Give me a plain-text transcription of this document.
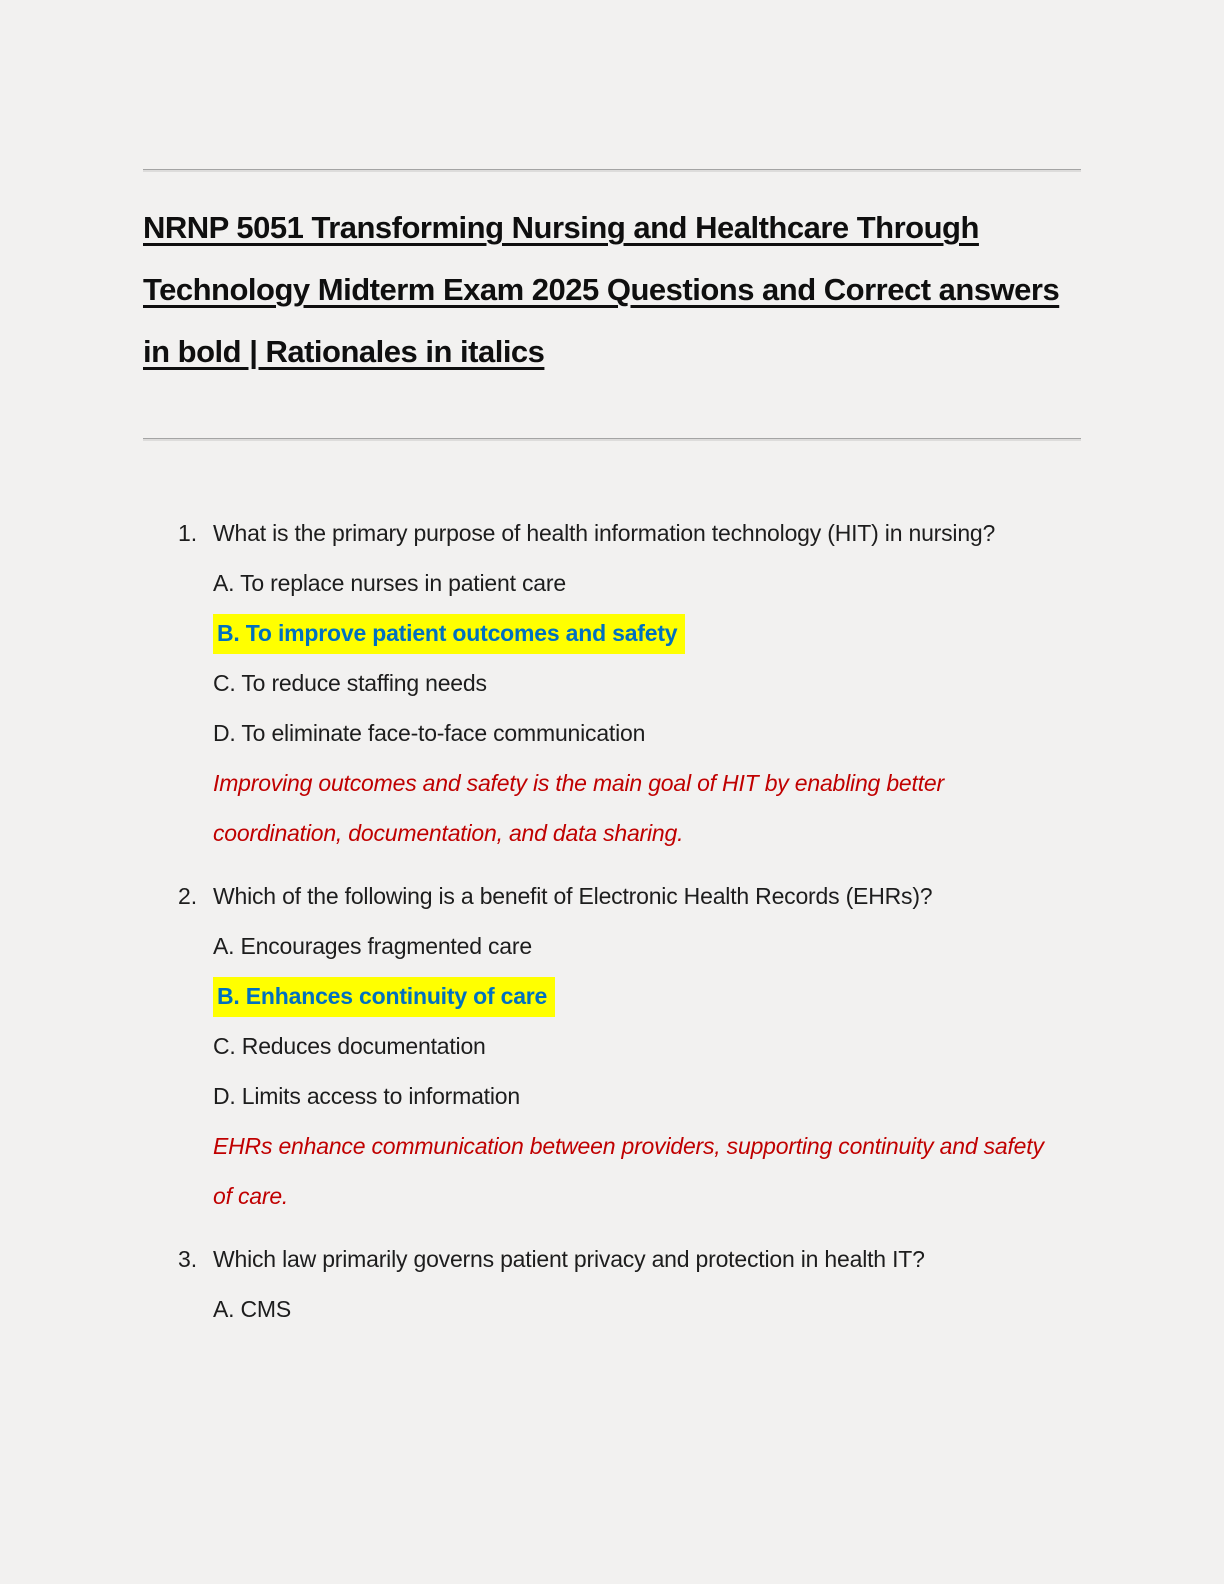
NRNP 5051 Transforming Nursing and Healthcare Through Technology Midterm Exam 2025 Questions and Correct answers in bold | Rationales in italics
1. What is the primary purpose of health information technology (HIT) in nursing?

A. To replace nurses in patient care

B. To improve patient outcomes and safety

C. To reduce staffing needs

D. To eliminate face-to-face communication

Improving outcomes and safety is the main goal of HIT by enabling better coordination, documentation, and data sharing.

2. Which of the following is a benefit of Electronic Health Records (EHRs)?

A. Encourages fragmented care

B. Enhances continuity of care

C. Reduces documentation

D. Limits access to information

EHRs enhance communication between providers, supporting continuity and safety of care.

3. Which law primarily governs patient privacy and protection in health IT?

A. CMS
